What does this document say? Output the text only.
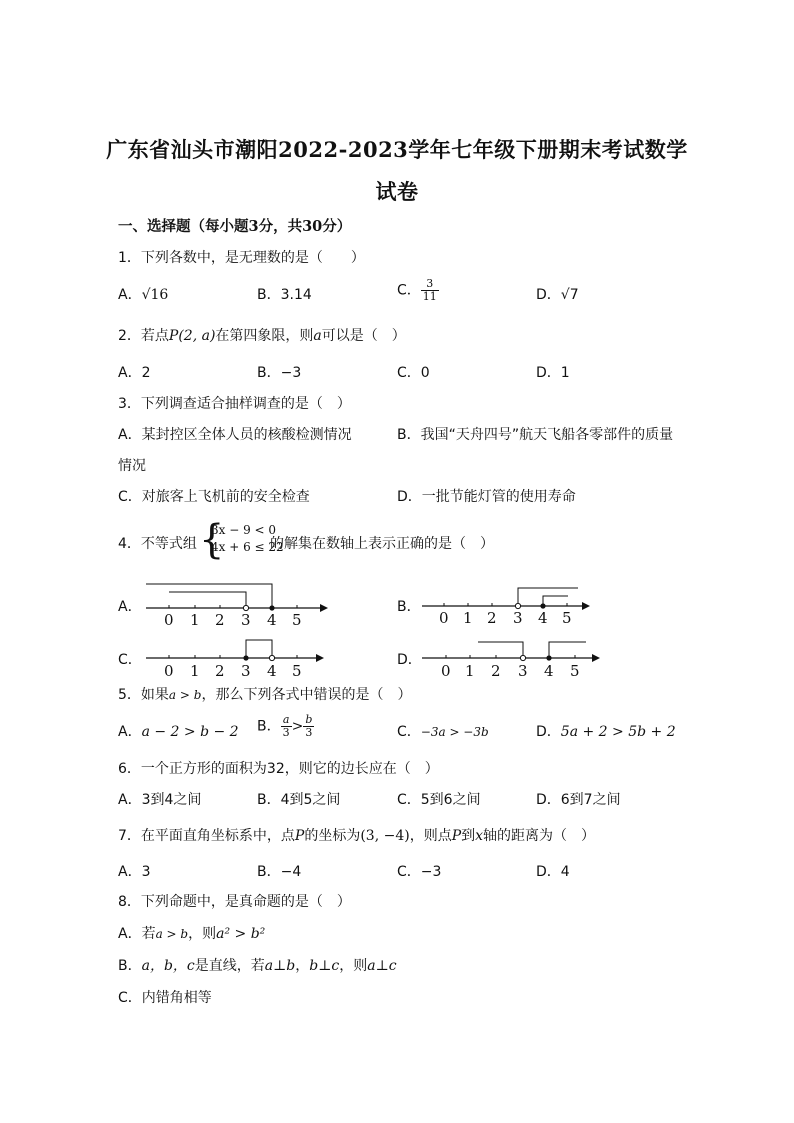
广东省汕头市潮阳2022-2023学年七年级下册期末考试数学
试卷
一、选择题（每小题3分，共30分）
1．下列各数中，是无理数的是（　　）
A．√16	B．3.14	C． $\frac{3}{11}$	D．√7
2．若点P(2, a)在第四象限，则a可以是（　）
A．2	B．−3	C．0	D．1
3．下列调查适合抽样调查的是（　）
A．某封控区全体人员的核酸检测情况	B．我国“天舟四号”航天飞船各零部件的质量
情况
C．对旅客上飞机前的安全检查	D．一批节能灯管的使用寿命
4．不等式组 {
3x − 9 < 0
4x + 6 ≤ 22
的解集在数轴上表示正确的是（　）
A．
0 1 2 3 4 5
B．
0 1 2 3 4 5
C．
0 1 2 3 4 5
D．
0 1 2 3 4 5
5．如果a > b，那么下列各式中错误的是（　）
A．a − 2 > b − 2 B． $\frac{a}{3} > \frac{b}{3}$	C．−3a > −3b	D．5a + 2 > 5b + 2
6．一个正方形的面积为32，则它的边长应在（　）
A．3到4之间	B．4到5之间	C．5到6之间	D．6到7之间
7．在平面直角坐标系中，点P的坐标为(3, −4)，则点P到x轴的距离为（　）
A．3	B．−4	C．−3	D．4
8．下列命题中，是真命题的是（　）
A．若a > b，则a² > b²
B．a，b，c是直线，若a⊥b，b⊥c，则a⊥c
C．内错角相等
